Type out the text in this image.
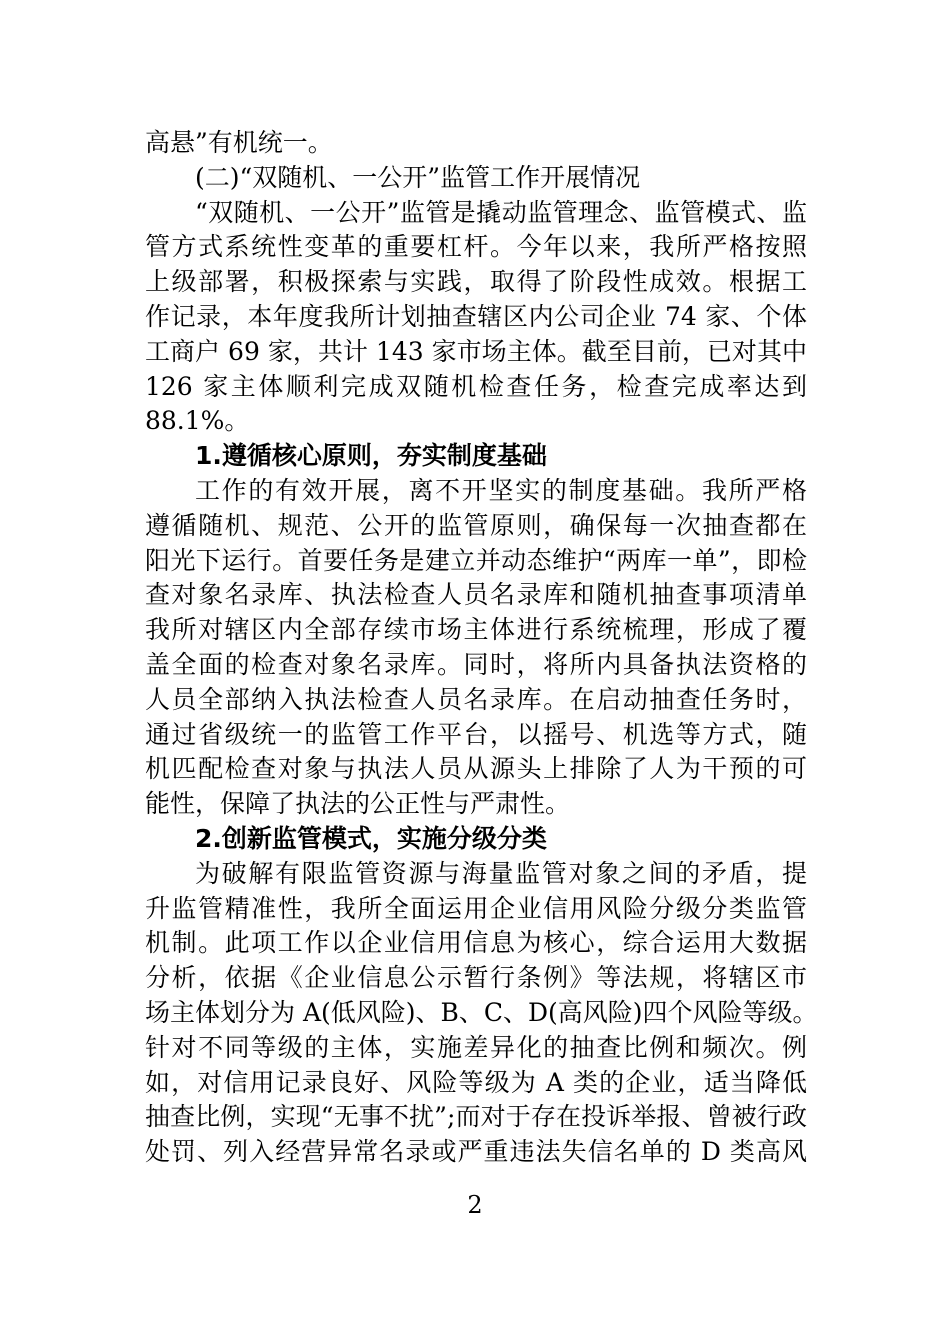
高悬”有机统一。
(二)“双随机、一公开”监管工作开展情况
“双随机、一公开”监管是撬动监管理念、监管模式、监
管方式系统性变革的重要杠杆。今年以来，我所严格按照
上级部署，积极探索与实践，取得了阶段性成效。根据工
作记录，本年度我所计划抽查辖区内公司企业 74 家、个体
工商户 69 家，共计 143 家市场主体。截至目前，已对其中
126 家主体顺利完成双随机检查任务，检查完成率达到
88.1%。
1.遵循核心原则，夯实制度基础
工作的有效开展，离不开坚实的制度基础。我所严格
遵循随机、规范、公开的监管原则，确保每一次抽查都在
阳光下运行。首要任务是建立并动态维护“两库一单”，即检
查对象名录库、执法检查人员名录库和随机抽查事项清单
我所对辖区内全部存续市场主体进行系统梳理，形成了覆
盖全面的检查对象名录库。同时，将所内具备执法资格的
人员全部纳入执法检查人员名录库。在启动抽查任务时，
通过省级统一的监管工作平台，以摇号、机选等方式，随
机匹配检查对象与执法人员从源头上排除了人为干预的可
能性，保障了执法的公正性与严肃性。
2.创新监管模式，实施分级分类
为破解有限监管资源与海量监管对象之间的矛盾，提
升监管精准性，我所全面运用企业信用风险分级分类监管
机制。此项工作以企业信用信息为核心，综合运用大数据
分析，依据《企业信息公示暂行条例》等法规，将辖区市
场主体划分为 A(低风险)、B、C、D(高风险)四个风险等级。
针对不同等级的主体，实施差异化的抽查比例和频次。例
如，对信用记录良好、风险等级为 A 类的企业，适当降低
抽查比例，实现“无事不扰”;而对于存在投诉举报、曾被行政
处罚、列入经营异常名录或严重违法失信名单的 D 类高风
2
